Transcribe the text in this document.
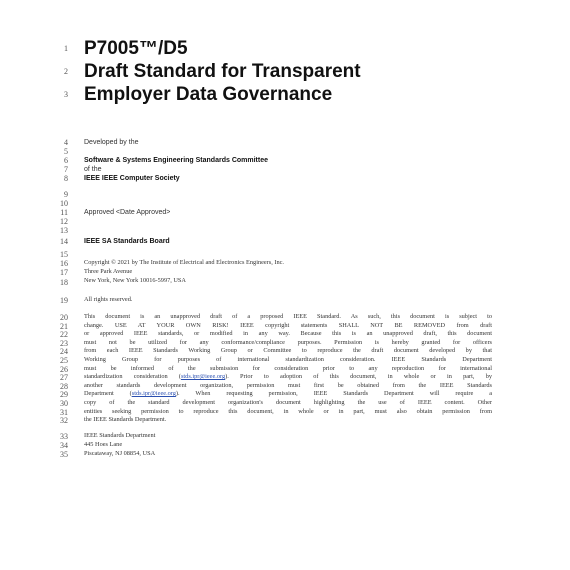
1
2
3
4
5
6
7
8
9
10
11
12
13
14
15
16
17
18
19
20
21
22
23
24
25
26
27
28
29
30
31
32
33
34
35
P7005™/D5
Draft Standard for Transparent
Employer Data Governance
Developed by the
Software & Systems Engineering Standards Committee
of the
IEEE IEEE Computer Society
Approved <Date Approved>
IEEE SA Standards Board
Copyright © 2021 by The Institute of Electrical and Electronics Engineers, Inc.
Three Park Avenue
New York, New York 10016-5997, USA
All rights reserved.
This document is an unapproved draft of a proposed IEEE Standard. As such, this document is subject to
change. USE AT YOUR OWN RISK! IEEE copyright statements SHALL NOT BE REMOVED from draft
or approved IEEE standards, or modified in any way. Because this is an unapproved draft, this document
must not be utilized for any conformance/compliance purposes. Permission is hereby granted for officers
from each IEEE Standards Working Group or Committee to reproduce the draft document developed by that
Working Group for purposes of international standardization consideration. IEEE Standards Department
must be informed of the submission for consideration prior to any reproduction for international
standardization consideration (stds.ipr@ieee.org). Prior to adoption of this document, in whole or in part, by
another standards development organization, permission must first be obtained from the IEEE Standards
Department (stds.ipr@ieee.org). When requesting permission, IEEE Standards Department will require a
copy of the standard development organization's document highlighting the use of IEEE content. Other
entities seeking permission to reproduce this document, in whole or in part, must also obtain permission from
the IEEE Standards Department.
IEEE Standards Department
445 Hoes Lane
Piscataway, NJ 08854, USA
